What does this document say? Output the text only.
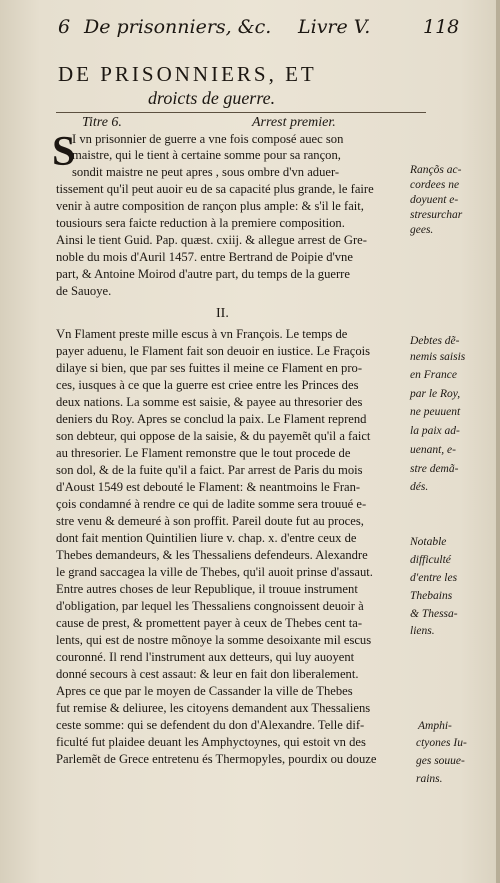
6 De prisonniers, &c. Livre V.	118
DE PRISONNIERS, ET
droicts de guerre.
Titre 6.	Arrest premier.
S
I vn prisonnier de guerre a vne fois composé auec son
maistre, qui le tient à certaine somme pour sa rançon,
sondit maistre ne peut apres , sous ombre d'vn aduer-
tissement qu'il peut auoir eu de sa capacité plus grande, le faire
venir à autre composition de rançon plus ample: & s'il le fait,
tousiours sera faicte reduction à la premiere composition.
Ainsi le tient Guid. Pap. quæst. cxiij. & allegue arrest de Gre-
noble du mois d'Auril 1457. entre Bertrand de Poipie d'vne
part, & Antoine Moirod d'autre part, du temps de la guerre
de Sauoye.
Rançõs ac-
cordees ne
doyuent e-
stresurchar
gees.
II.
Vn Flament preste mille escus à vn François. Le temps de
payer aduenu, le Flament fait son deuoir en iustice. Le Fraçois
dilaye si bien, que par ses fuittes il meine ce Flament en pro-
ces, iusques à ce que la guerre est criee entre les Princes des
deux nations. La somme est saisie, & payee au thresorier des
deniers du Roy. Apres se conclud la paix. Le Flament reprend
son debteur, qui oppose de la saisie, & du payemẽt qu'il a faict
au thresorier. Le Flament remonstre que le tout procede de
son dol, & de la fuite qu'il a faict. Par arrest de Paris du mois
d'Aoust 1549 est debouté le Flament: & neantmoins le Fran-
çois condamné à rendre ce qui de ladite somme sera trouué e-
stre venu & demeuré à son proffit. Pareil doute fut au proces,
dont fait mention Quintilien liure v. chap. x. d'entre ceux de
Thebes demandeurs, & les Thessaliens defendeurs. Alexandre
le grand saccagea la ville de Thebes, qu'il auoit prinse d'assaut.
Entre autres choses de leur Republique, il trouue instrument
d'obligation, par lequel les Thessaliens congnoissent deuoir à
cause de prest, & promettent payer à ceux de Thebes cent ta-
lents, qui est de nostre mõnoye la somme desoixante mil escus
couronné. Il rend l'instrument aux detteurs, qui luy auoyent
donné secours à cest assaut: & leur en fait don liberalement.
Apres ce que par le moyen de Cassander la ville de Thebes
fut remise & deliuree, les citoyens demandent aux Thessaliens
ceste somme: qui se defendent du don d'Alexandre. Telle dif-
ficulté fut plaidee deuant les Amphyctoynes, qui estoit vn des
Parlemẽt de Grece entretenu és Thermopyles, pourdix ou douze
Debtes dẽ-
nemis saisis
en France
par le Roy,
ne peuuent
la paix ad-
uenant, e-
stre demã-
dés.
Notable
difficulté
d'entre les
Thebains
& Thessa-
liens.
Amphi-
ctyones Iu-
ges souue-
rains.
